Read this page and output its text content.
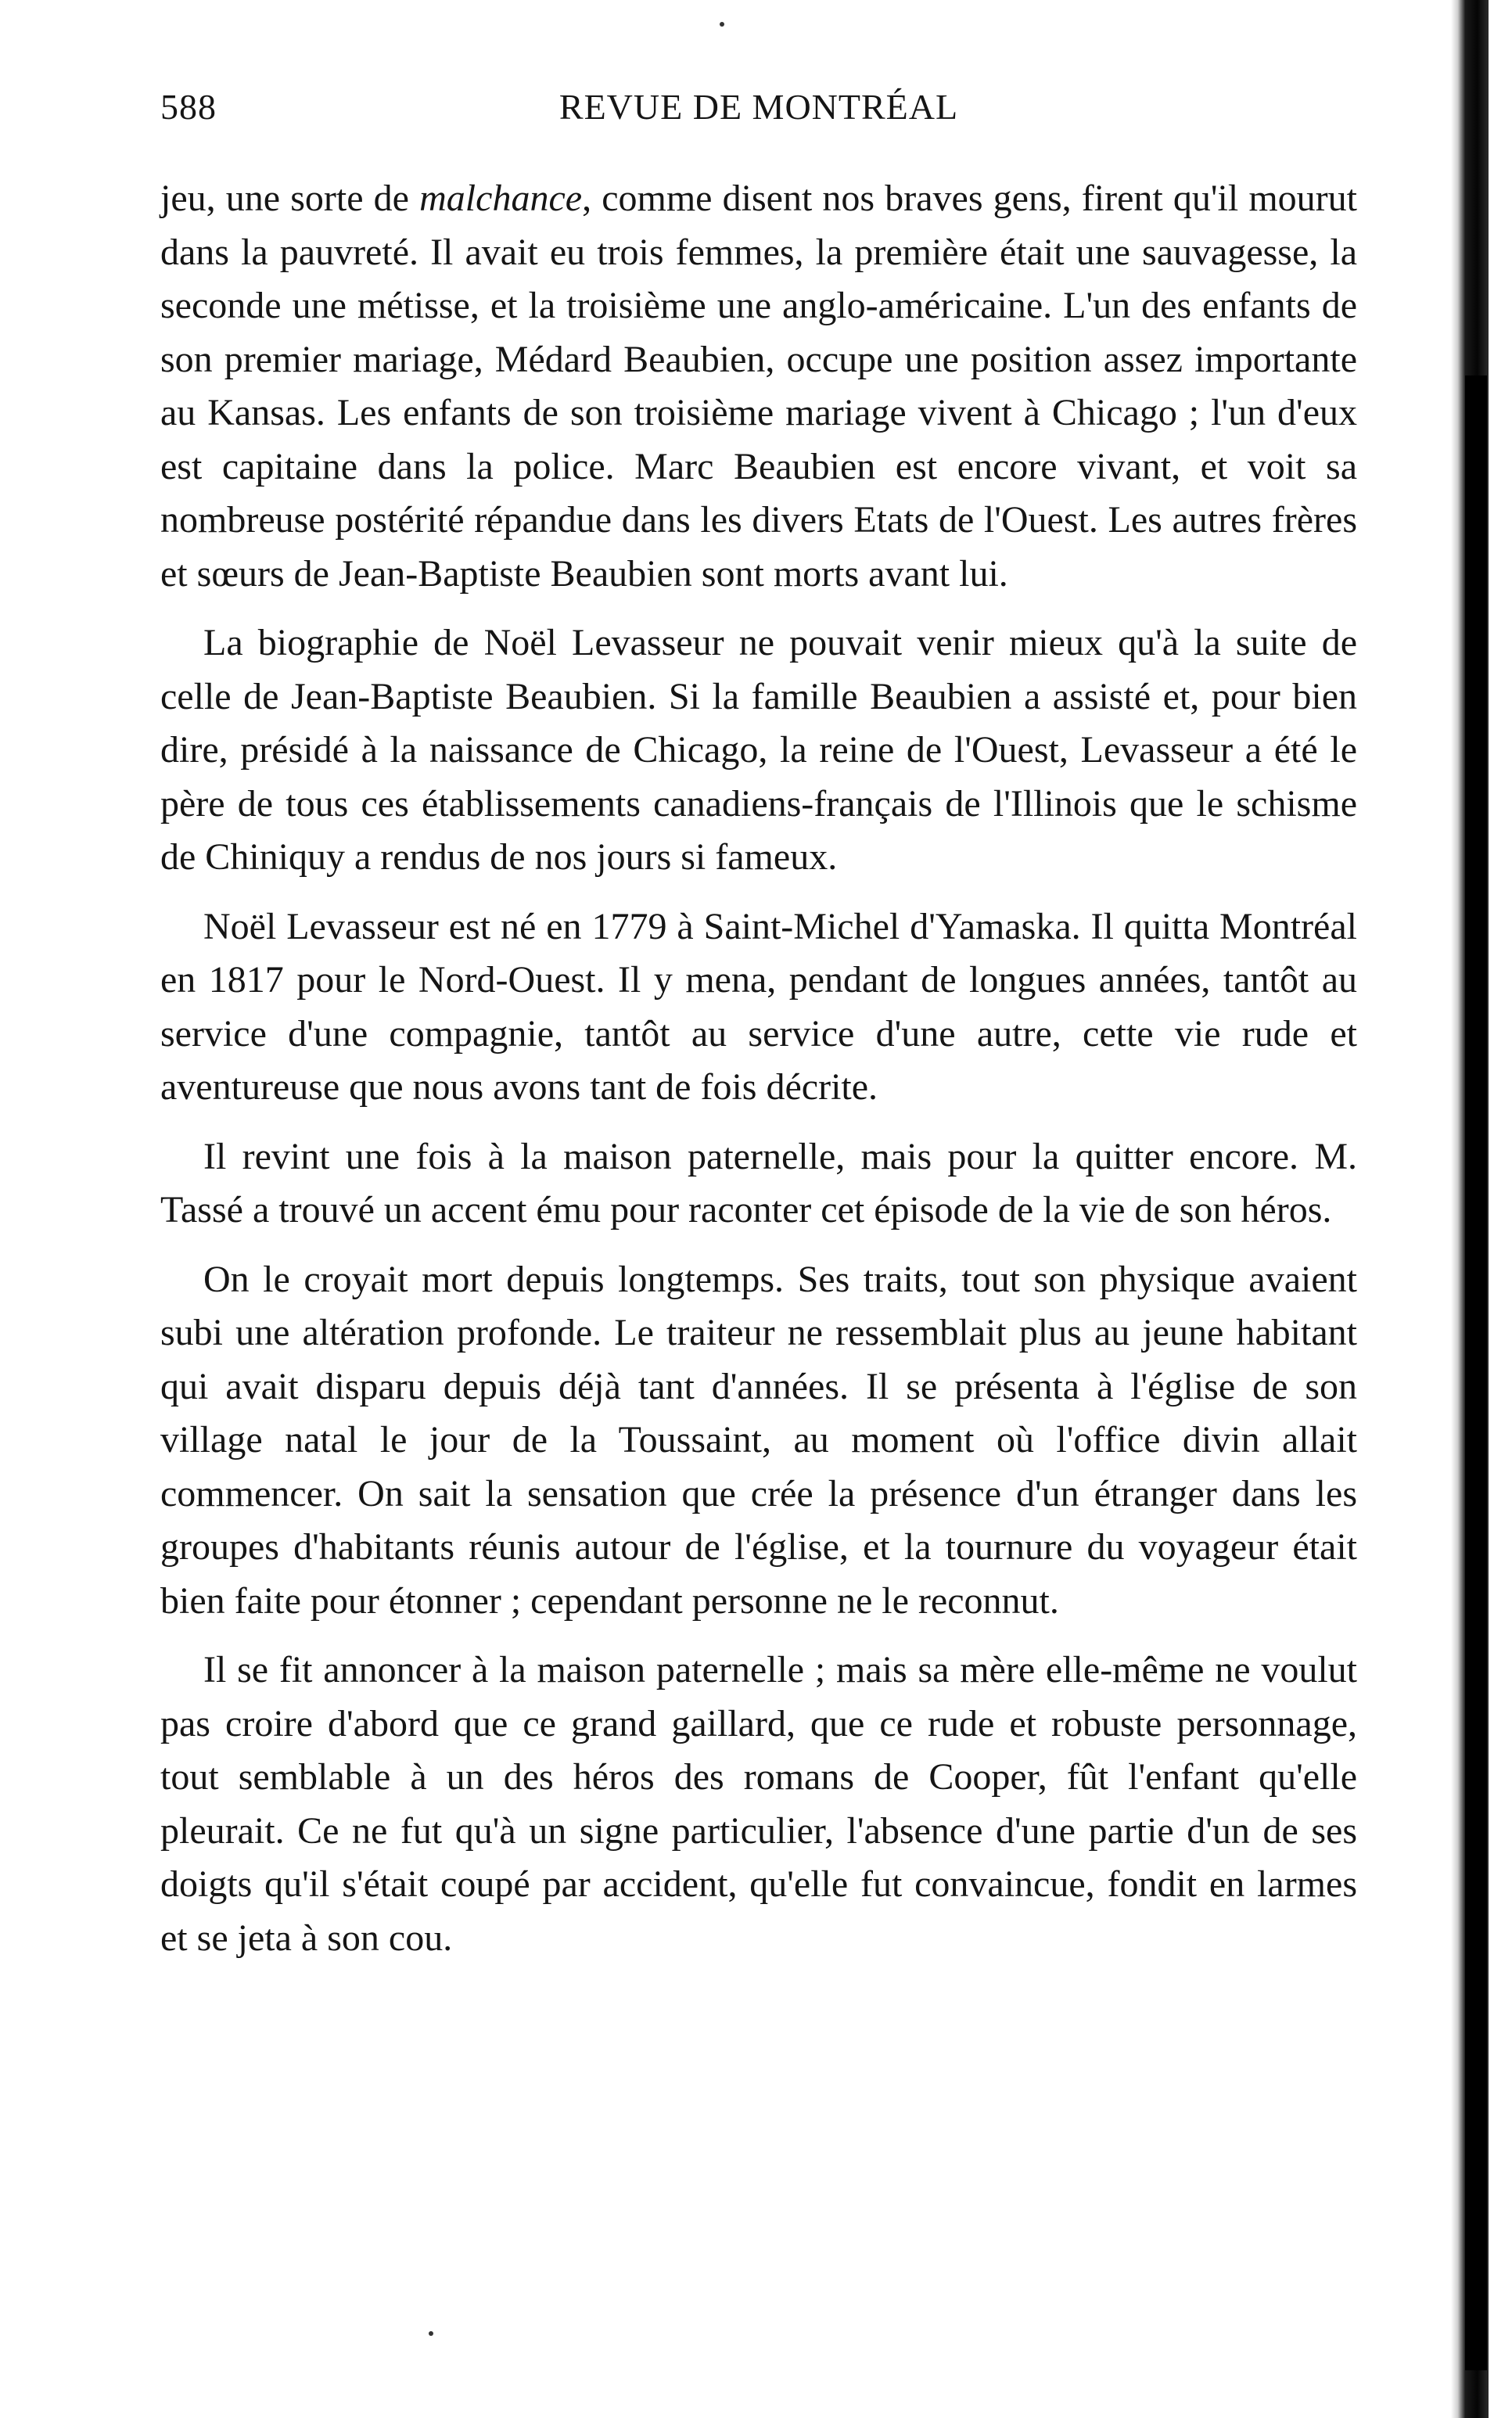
588	REVUE DE MONTRÉAL

jeu, une sorte de malchance, comme disent nos braves gens, firent qu'il mourut dans la pauvreté. Il avait eu trois femmes, la première était une sauvagesse, la seconde une métisse, et la troisième une anglo-américaine. L'un des enfants de son premier mariage, Médard Beaubien, occupe une position assez importante au Kansas. Les enfants de son troisième mariage vivent à Chicago ; l'un d'eux est capitaine dans la police. Marc Beaubien est encore vivant, et voit sa nombreuse postérité répandue dans les divers Etats de l'Ouest. Les autres frères et sœurs de Jean-Baptiste Beaubien sont morts avant lui.

La biographie de Noël Levasseur ne pouvait venir mieux qu'à la suite de celle de Jean-Baptiste Beaubien. Si la famille Beaubien a assisté et, pour bien dire, présidé à la naissance de Chicago, la reine de l'Ouest, Levasseur a été le père de tous ces établissements canadiens-français de l'Illinois que le schisme de Chiniquy a rendus de nos jours si fameux.

Noël Levasseur est né en 1779 à Saint-Michel d'Yamaska. Il quitta Montréal en 1817 pour le Nord-Ouest. Il y mena, pendant de longues années, tantôt au service d'une compagnie, tantôt au service d'une autre, cette vie rude et aventureuse que nous avons tant de fois décrite.

Il revint une fois à la maison paternelle, mais pour la quitter encore. M. Tassé a trouvé un accent ému pour raconter cet épisode de la vie de son héros.

On le croyait mort depuis longtemps. Ses traits, tout son physique avaient subi une altération profonde. Le traiteur ne ressemblait plus au jeune habitant qui avait disparu depuis déjà tant d'années. Il se présenta à l'église de son village natal le jour de la Toussaint, au moment où l'office divin allait commencer. On sait la sensation que crée la présence d'un étranger dans les groupes d'habitants réunis autour de l'église, et la tournure du voyageur était bien faite pour étonner ; cependant personne ne le reconnut.

Il se fit annoncer à la maison paternelle ; mais sa mère elle-même ne voulut pas croire d'abord que ce grand gaillard, que ce rude et robuste personnage, tout semblable à un des héros des romans de Cooper, fût l'enfant qu'elle pleurait. Ce ne fut qu'à un signe particulier, l'absence d'une partie d'un de ses doigts qu'il s'était coupé par accident, qu'elle fut convaincue, fondit en larmes et se jeta à son cou.
